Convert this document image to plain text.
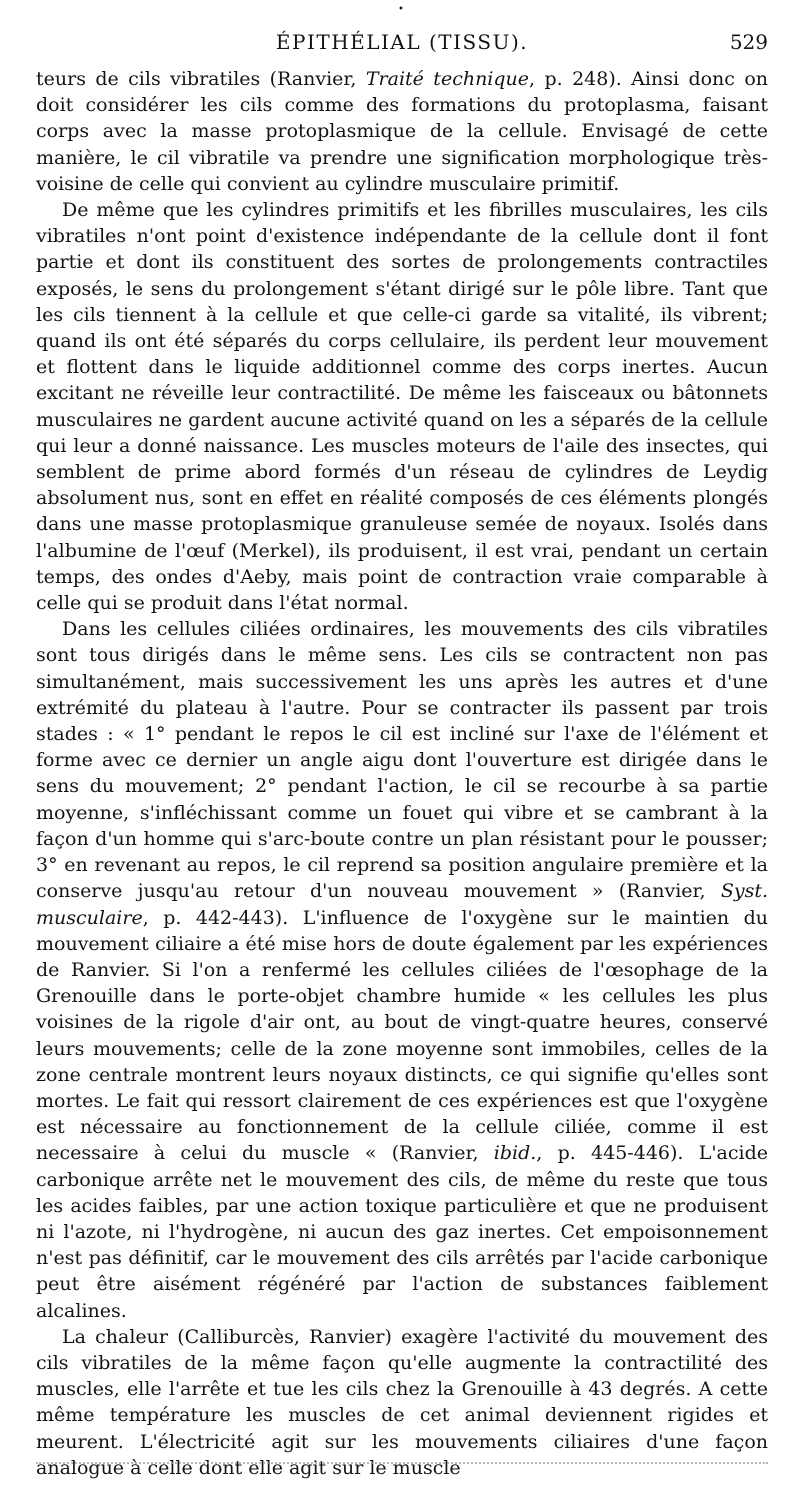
•
ÉPITHÉLIAL (TISSU).	529

teurs de cils vibratiles (Ranvier, Traité technique, p. 248). Ainsi donc on doit considérer les cils comme des formations du protoplasma, faisant corps avec la masse protoplasmique de la cellule. Envisagé de cette manière, le cil vibratile va prendre une signification morphologique très-voisine de celle qui convient au cylindre musculaire primitif.

De même que les cylindres primitifs et les fibrilles musculaires, les cils vibratiles n'ont point d'existence indépendante de la cellule dont il font partie et dont ils constituent des sortes de prolongements contractiles exposés, le sens du prolongement s'étant dirigé sur le pôle libre. Tant que les cils tiennent à la cellule et que celle-ci garde sa vitalité, ils vibrent; quand ils ont été séparés du corps cellulaire, ils perdent leur mouvement et flottent dans le liquide additionnel comme des corps inertes. Aucun excitant ne réveille leur contractilité. De même les faisceaux ou bâtonnets musculaires ne gardent aucune activité quand on les a séparés de la cellule qui leur a donné naissance. Les muscles moteurs de l'aile des insectes, qui semblent de prime abord formés d'un réseau de cylindres de Leydig absolument nus, sont en effet en réalité composés de ces éléments plongés dans une masse protoplasmique granuleuse semée de noyaux. Isolés dans l'albumine de l'œuf (Merkel), ils produisent, il est vrai, pendant un certain temps, des ondes d'Aeby, mais point de contraction vraie comparable à celle qui se produit dans l'état normal.

Dans les cellules ciliées ordinaires, les mouvements des cils vibratiles sont tous dirigés dans le même sens. Les cils se contractent non pas simultanément, mais successivement les uns après les autres et d'une extrémité du plateau à l'autre. Pour se contracter ils passent par trois stades : « 1° pendant le repos le cil est incliné sur l'axe de l'élément et forme avec ce dernier un angle aigu dont l'ouverture est dirigée dans le sens du mouvement; 2° pendant l'action, le cil se recourbe à sa partie moyenne, s'infléchissant comme un fouet qui vibre et se cambrant à la façon d'un homme qui s'arc-boute contre un plan résistant pour le pousser; 3° en revenant au repos, le cil reprend sa position angulaire première et la conserve jusqu'au retour d'un nouveau mouvement » (Ranvier, Syst. musculaire, p. 442-443). L'influence de l'oxygène sur le maintien du mouvement ciliaire a été mise hors de doute également par les expériences de Ranvier. Si l'on a renfermé les cellules ciliées de l'œsophage de la Grenouille dans le porte-objet chambre humide « les cellules les plus voisines de la rigole d'air ont, au bout de vingt-quatre heures, conservé leurs mouvements; celle de la zone moyenne sont immobiles, celles de la zone centrale montrent leurs noyaux distincts, ce qui signifie qu'elles sont mortes. Le fait qui ressort clairement de ces expériences est que l'oxygène est nécessaire au fonctionnement de la cellule ciliée, comme il est necessaire à celui du muscle « (Ranvier, ibid., p. 445-446). L'acide carbonique arrête net le mouvement des cils, de même du reste que tous les acides faibles, par une action toxique particulière et que ne produisent ni l'azote, ni l'hydrogène, ni aucun des gaz inertes. Cet empoisonnement n'est pas définitif, car le mouvement des cils arrêtés par l'acide carbonique peut être aisément régénéré par l'action de substances faiblement alcalines.

La chaleur (Calliburcès, Ranvier) exagère l'activité du mouvement des cils vibratiles de la même façon qu'elle augmente la contractilité des muscles, elle l'arrête et tue les cils chez la Grenouille à 43 degrés. A cette même température les muscles de cet animal deviennent rigides et meurent. L'électricité agit sur les mouvements ciliaires d'une façon analogue à celle dont elle agit sur le muscle
